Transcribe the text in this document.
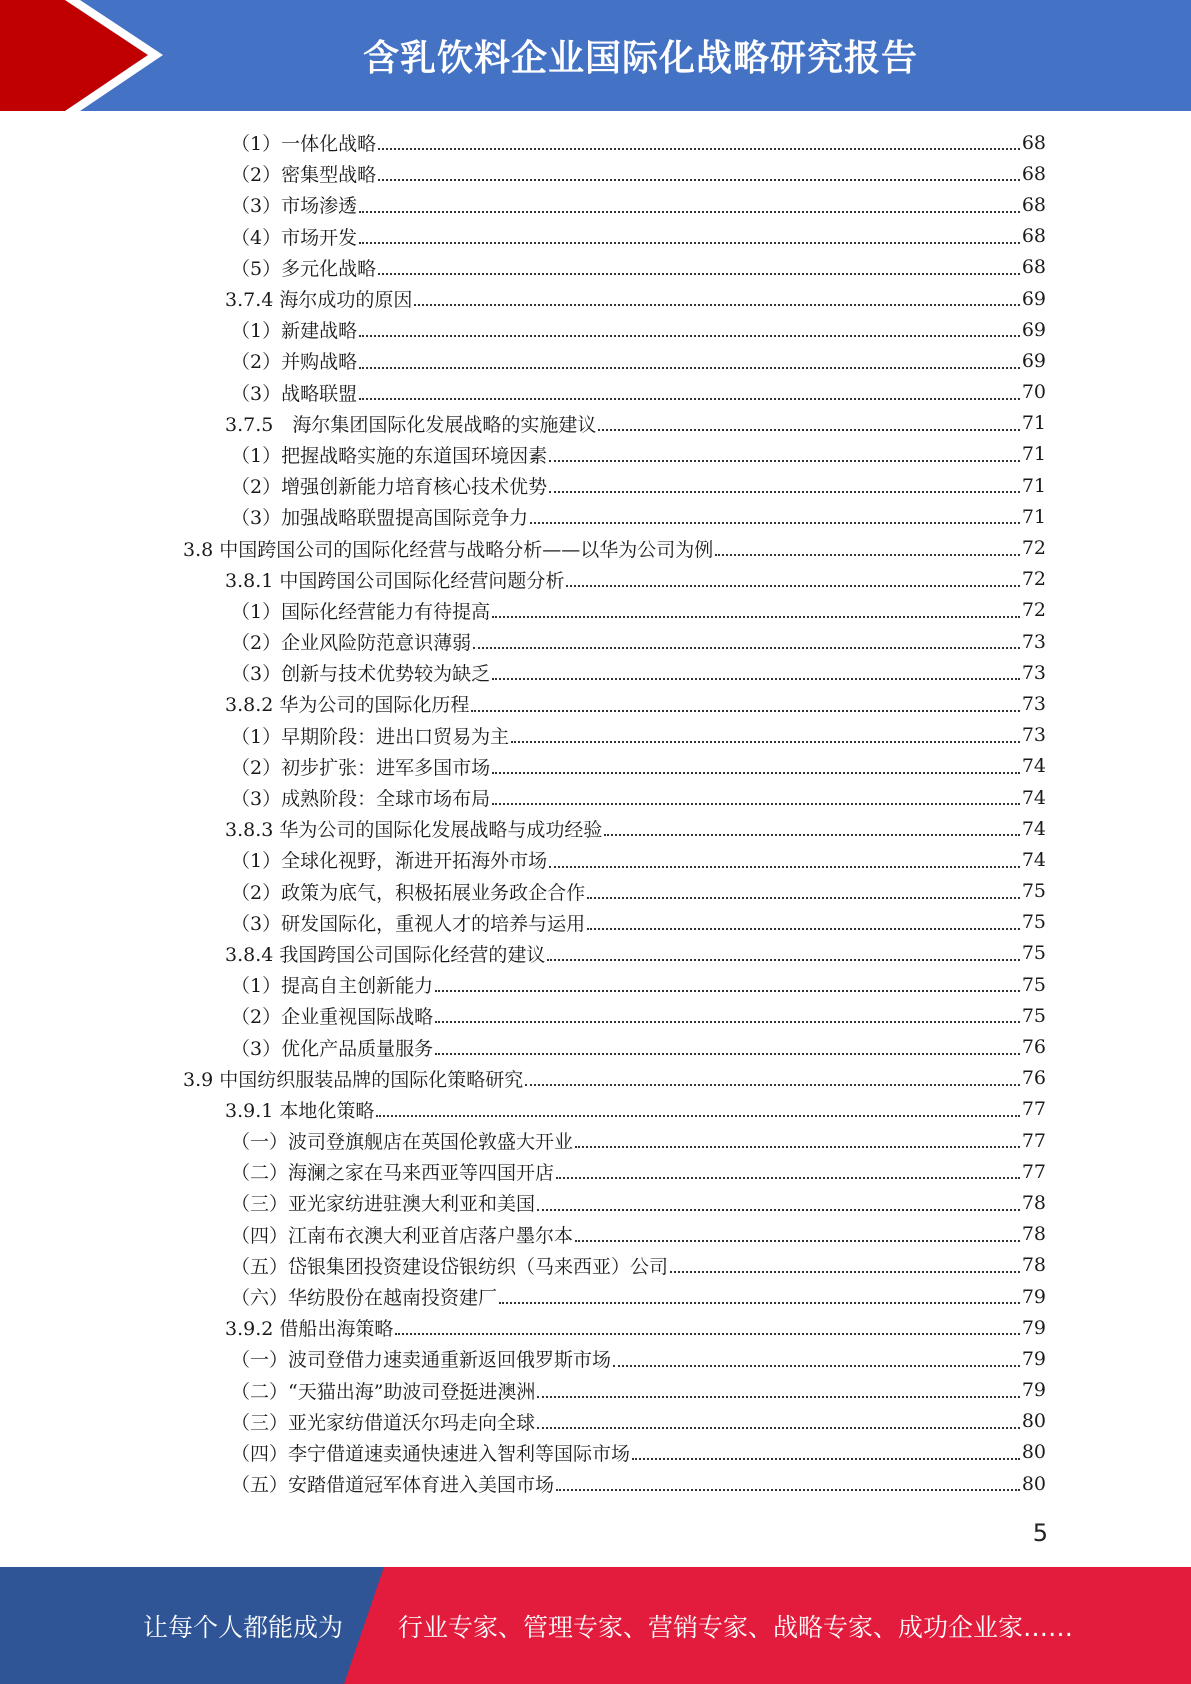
含乳饮料企业国际化战略研究报告
（1）一体化战略	68
（2）密集型战略	68
（3）市场渗透	68
（4）市场开发	68
（5）多元化战略	68
3.7.4 海尔成功的原因	69
（1）新建战略	69
（2）并购战略	69
（3）战略联盟	70
3.7.5　海尔集团国际化发展战略的实施建议	71
（1）把握战略实施的东道国环境因素	71
（2）增强创新能力培育核心技术优势	71
（3）加强战略联盟提高国际竞争力	71
3.8 中国跨国公司的国际化经营与战略分析——以华为公司为例	72
3.8.1 中国跨国公司国际化经营问题分析	72
（1）国际化经营能力有待提高	72
（2）企业风险防范意识薄弱	73
（3）创新与技术优势较为缺乏	73
3.8.2 华为公司的国际化历程	73
（1）早期阶段：进出口贸易为主	73
（2）初步扩张：进军多国市场	74
（3）成熟阶段：全球市场布局	74
3.8.3 华为公司的国际化发展战略与成功经验	74
（1）全球化视野，渐进开拓海外市场	74
（2）政策为底气，积极拓展业务政企合作	75
（3）研发国际化，重视人才的培养与运用	75
3.8.4 我国跨国公司国际化经营的建议	75
（1）提高自主创新能力	75
（2）企业重视国际战略	75
（3）优化产品质量服务	76
3.9 中国纺织服装品牌的国际化策略研究	76
3.9.1 本地化策略	77
（一）波司登旗舰店在英国伦敦盛大开业	77
（二）海澜之家在马来西亚等四国开店	77
（三）亚光家纺进驻澳大利亚和美国	78
（四）江南布衣澳大利亚首店落户墨尔本	78
（五）岱银集团投资建设岱银纺织（马来西亚）公司	78
（六）华纺股份在越南投资建厂	79
3.9.2 借船出海策略	79
（一）波司登借力速卖通重新返回俄罗斯市场	79
（二）“天猫出海”助波司登挺进澳洲	79
（三）亚光家纺借道沃尔玛走向全球	80
（四）李宁借道速卖通快速进入智利等国际市场	80
（五）安踏借道冠军体育进入美国市场	80
5
让每个人都能成为 行业专家、管理专家、营销专家、战略专家、成功企业家……
